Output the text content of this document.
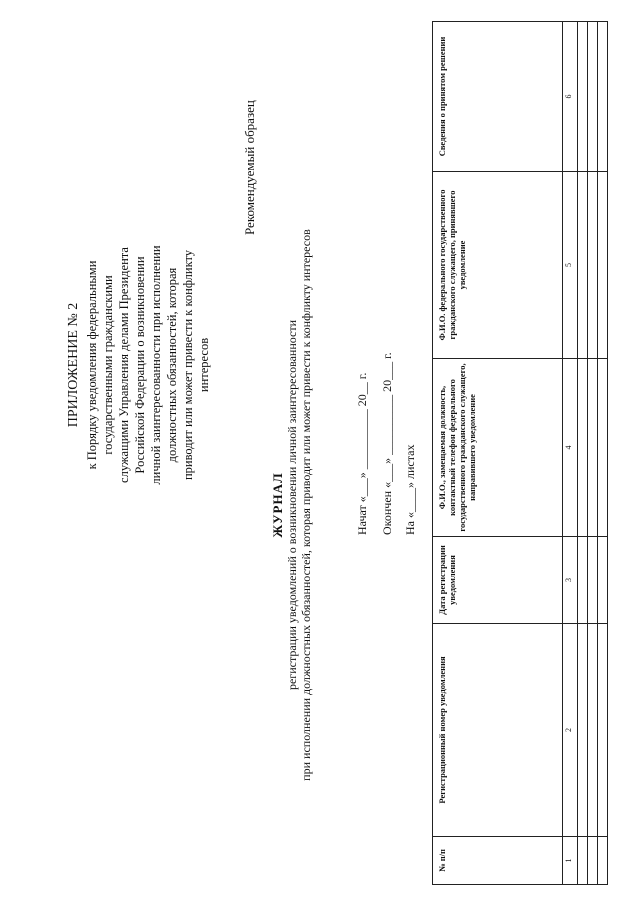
ПРИЛОЖЕНИЕ № 2 к Порядку уведомления федеральными государственными гражданскими служащими Управления делами Президента Российской Федерации о возникновении личной заинтересованности при исполнении должностных обязанностей, которая приводит или может привести к конфликту интересов
Рекомендуемый образец
ЖУРНАЛ регистрации уведомлений о возникновении личной заинтересованности при исполнении должностных обязанностей, которая приводит или может привести к конфликту интересов	Начат «___» __________ 20__ г. Окончен «___» __________ 20___ г. На «____» листах
№ п/п	Регистрационный номер уведомления	Дата регистрации уведомления	Ф.И.О., замещаемая должность, контактный телефон федерального государственного гражданского служащего, направившего уведомление	Ф.И.О. федерального государственного гражданского служащего, принявшего уведомление	Сведения о принятом решении
1	2	3	4	5	6
